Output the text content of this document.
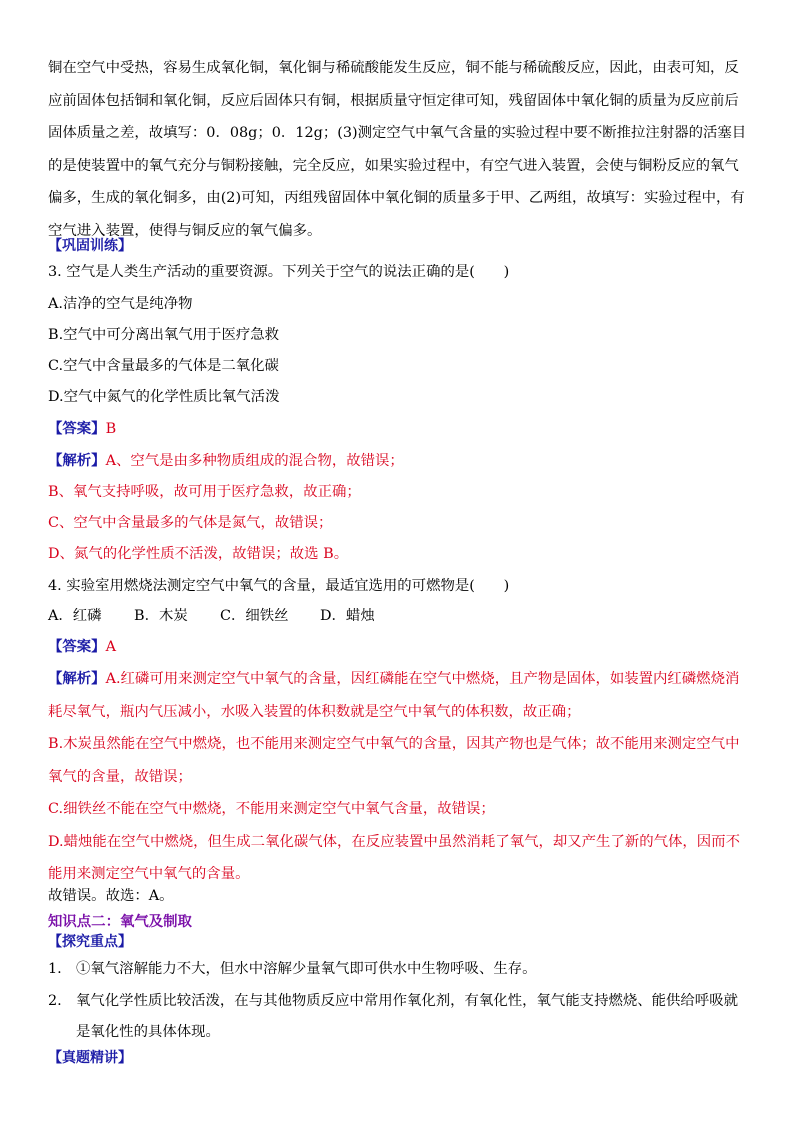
铜在空气中受热，容易生成氧化铜，氧化铜与稀硫酸能发生反应，铜不能与稀硫酸反应，因此，由表可知，反应前固体包括铜和氧化铜，反应后固体只有铜，根据质量守恒定律可知，残留固体中氧化铜的质量为反应前后固体质量之差，故填写：0．08g；0．12g；(3)测定空气中氧气含量的实验过程中要不断推拉注射器的活塞目的是使装置中的氧气充分与铜粉接触，完全反应，如果实验过程中，有空气进入装置，会使与铜粉反应的氧气偏多，生成的氧化铜多，由(2)可知，丙组残留固体中氧化铜的质量多于甲、乙两组，故填写：实验过程中，有空气进入装置，使得与铜反应的氧气偏多。
【巩固训练】
3. 空气是人类生产活动的重要资源。下列关于空气的说法正确的是(　　)
A.洁净的空气是纯净物
B.空气中可分离出氧气用于医疗急救
C.空气中含量最多的气体是二氧化碳
D.空气中氮气的化学性质比氧气活泼
【答案】B
【解析】A、空气是由多种物质组成的混合物，故错误；
B、氧气支持呼吸，故可用于医疗急救，故正确；
C、空气中含量最多的气体是氮气，故错误；
D、氮气的化学性质不活泼，故错误；故选 B。
4. 实验室用燃烧法测定空气中氧气的含量，最适宜选用的可燃物是(　　)
A．红磷 B．木炭 C．细铁丝 D．蜡烛
【答案】A
【解析】A.红磷可用来测定空气中氧气的含量，因红磷能在空气中燃烧，且产物是固体，如装置内红磷燃烧消耗尽氧气，瓶内气压减小，水吸入装置的体积数就是空气中氧气的体积数，故正确；
B.木炭虽然能在空气中燃烧，也不能用来测定空气中氧气的含量，因其产物也是气体；故不能用来测定空气中氧气的含量，故错误；
C.细铁丝不能在空气中燃烧，不能用来测定空气中氧气含量，故错误；
D.蜡烛能在空气中燃烧，但生成二氧化碳气体，在反应装置中虽然消耗了氧气，却又产生了新的气体，因而不能用来测定空气中氧气的含量。
故错误。故选：A。
知识点二：氧气及制取
【探究重点】
1. ①氧气溶解能力不大，但水中溶解少量氧气即可供水中生物呼吸、生存。
2. 氧气化学性质比较活泼，在与其他物质反应中常用作氧化剂，有氧化性，氧气能支持燃烧、能供给呼吸就是氧化性的具体体现。
【真题精讲】
